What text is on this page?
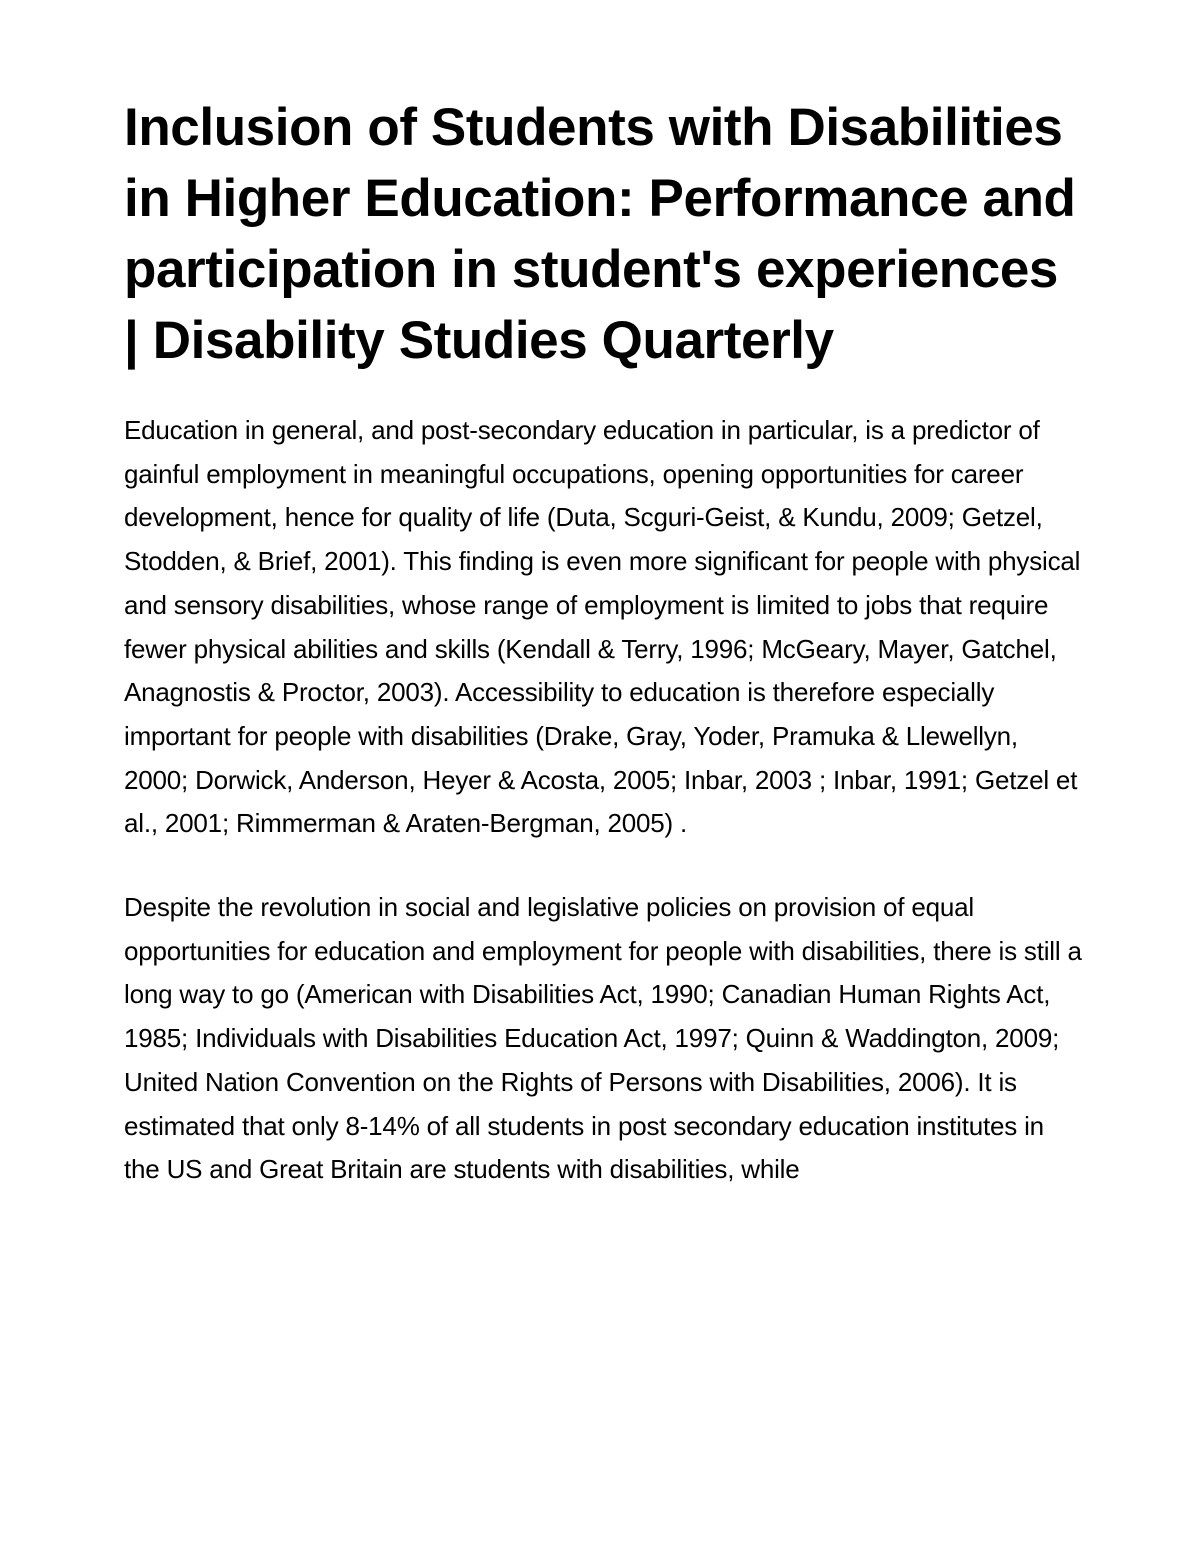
Inclusion of Students with Disabilities in Higher Education: Performance and participation in student's experiences | Disability Studies Quarterly

Education in general, and post-secondary education in particular, is a predictor of gainful employment in meaningful occupations, opening opportunities for career development, hence for quality of life (Duta, Scguri-Geist, & Kundu, 2009; Getzel, Stodden, & Brief, 2001). This finding is even more significant for people with physical and sensory disabilities, whose range of employment is limited to jobs that require fewer physical abilities and skills (Kendall & Terry, 1996; McGeary, Mayer, Gatchel, Anagnostis & Proctor, 2003). Accessibility to education is therefore especially important for people with disabilities (Drake, Gray, Yoder, Pramuka & Llewellyn, 2000; Dorwick, Anderson, Heyer & Acosta, 2005; Inbar, 2003 ; Inbar, 1991; Getzel et al., 2001; Rimmerman & Araten-Bergman, 2005) .

Despite the revolution in social and legislative policies on provision of equal opportunities for education and employment for people with disabilities, there is still a long way to go (American with Disabilities Act, 1990; Canadian Human Rights Act, 1985; Individuals with Disabilities Education Act, 1997; Quinn & Waddington, 2009; United Nation Convention on the Rights of Persons with Disabilities, 2006). It is estimated that only 8-14% of all students in post secondary education institutes in the US and Great Britain are students with disabilities, while
